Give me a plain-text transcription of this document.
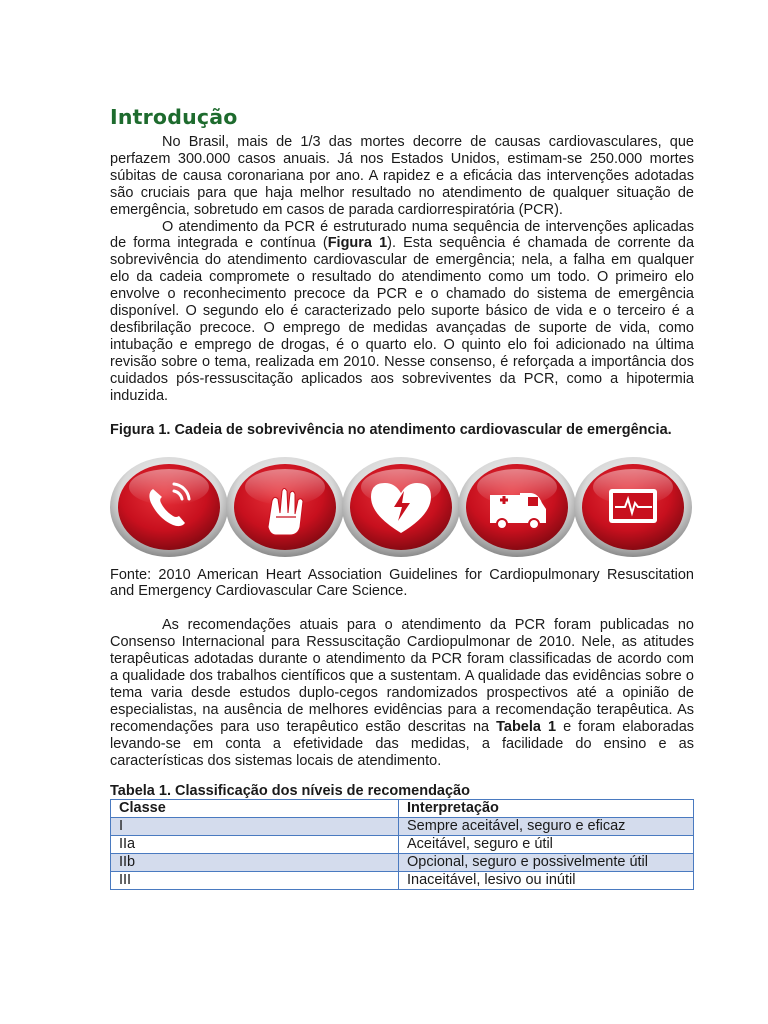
Introdução

No Brasil, mais de 1/3 das mortes decorre de causas cardiovasculares, que perfazem 300.000 casos anuais. Já nos Estados Unidos, estimam-se 250.000 mortes súbitas de causa coronariana por ano. A rapidez e a eficácia das intervenções adotadas são cruciais para que haja melhor resultado no atendimento de qualquer situação de emergência, sobretudo em casos de parada cardiorrespiratória (PCR).

O atendimento da PCR é estruturado numa sequência de intervenções aplicadas de forma integrada e contínua (Figura 1). Esta sequência é chamada de corrente da sobrevivência do atendimento cardiovascular de emergência; nela, a falha em qualquer elo da cadeia compromete o resultado do atendimento como um todo. O primeiro elo envolve o reconhecimento precoce da PCR e o chamado do sistema de emergência disponível. O segundo elo é caracterizado pelo suporte básico de vida e o terceiro é a desfibrilação precoce. O emprego de medidas avançadas de suporte de vida, como intubação e emprego de drogas, é o quarto elo. O quinto elo foi adicionado na última revisão sobre o tema, realizada em 2010. Nesse consenso, é reforçada a importância dos cuidados pós-ressuscitação aplicados aos sobreviventes da PCR, como a hipotermia induzida.

Figura 1. Cadeia de sobrevivência no atendimento cardiovascular de emergência.

Fonte: 2010 American Heart Association Guidelines for Cardiopulmonary Resuscitation and Emergency Cardiovascular Care Science.

As recomendações atuais para o atendimento da PCR foram publicadas no Consenso Internacional para Ressuscitação Cardiopulmonar de 2010. Nele, as atitudes terapêuticas adotadas durante o atendimento da PCR foram classificadas de acordo com a qualidade dos trabalhos científicos que a sustentam. A qualidade das evidências sobre o tema varia desde estudos duplo-cegos randomizados prospectivos até a opinião de especialistas, na ausência de melhores evidências para a recomendação terapêutica. As recomendações para uso terapêutico estão descritas na Tabela 1 e foram elaboradas levando-se em conta a efetividade das medidas, a facilidade do ensino e as características dos sistemas locais de atendimento.

Tabela 1. Classificação dos níveis de recomendação

Classe	Interpretação
I	Sempre aceitável, seguro e eficaz
IIa	Aceitável, seguro e útil
IIb	Opcional, seguro e possivelmente útil
III	Inaceitável, lesivo ou inútil
